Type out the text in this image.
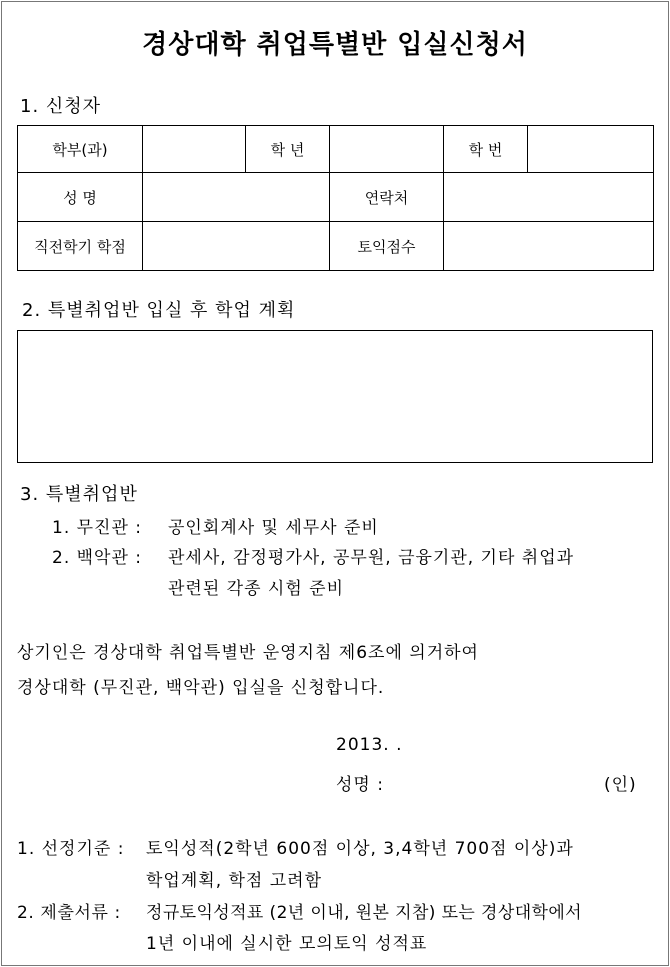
경상대학 취업특별반 입실신청서
1. 신청자
학부(과)		학 년		학 번	
성 명			연락처		
직전학기 학점			토익점수		
2. 특별취업반 입실 후 학업 계획
3. 특별취업반
1. 무진관 : 공인회계사 및 세무사 준비
2. 백악관 : 관세사, 감정평가사, 공무원, 금융기관, 기타 취업과
관련된 각종 시험 준비
상기인은 경상대학 취업특별반 운영지침 제6조에 의거하여
경상대학 (무진관, 백악관) 입실을 신청합니다.
2013. .
성명 :	(인)
1. 선정기준 : 토익성적(2학년 600점 이상, 3,4학년 700점 이상)과
학업계획, 학점 고려함
2. 제출서류 : 정규토익성적표 (2년 이내, 원본 지참) 또는 경상대학에서
1년 이내에 실시한 모의토익 성적표
